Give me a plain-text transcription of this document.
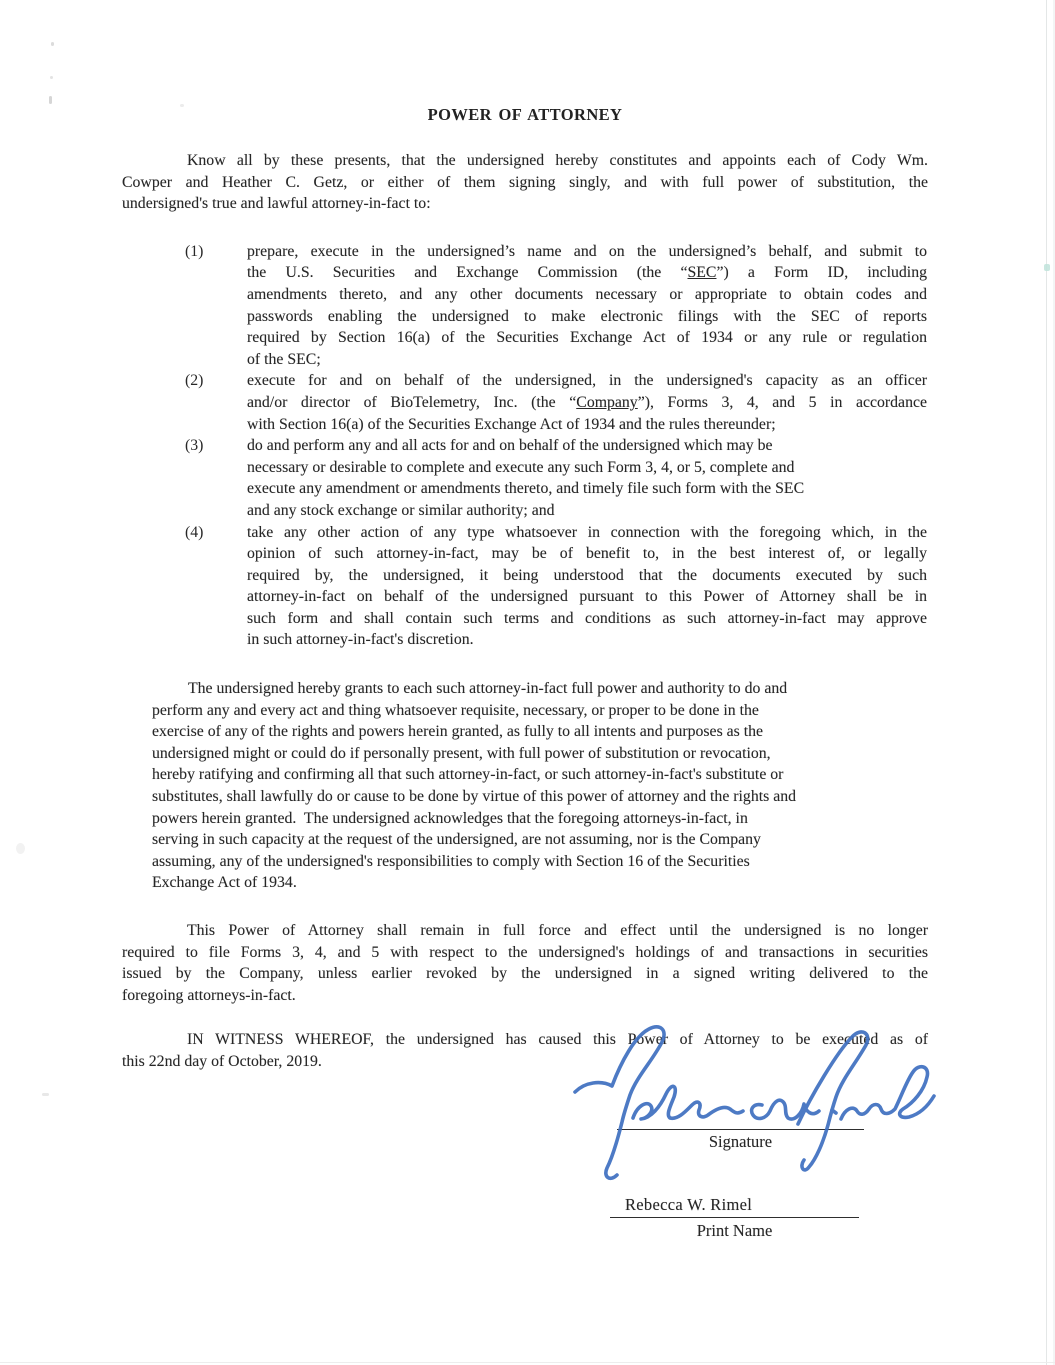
POWER OF ATTORNEY
Know all by these presents, that the undersigned hereby constitutes and appoints each of Cody Wm.
Cowper and Heather C. Getz, or either of them signing singly, and with full power of substitution, the
undersigned's true and lawful attorney-in-fact to:
(1)	prepare, execute in the undersigned’s name and on the undersigned’s behalf, and submit to
the U.S. Securities and Exchange Commission (the “SEC”) a Form ID, including
amendments thereto, and any other documents necessary or appropriate to obtain codes and
passwords enabling the undersigned to make electronic filings with the SEC of reports
required by Section 16(a) of the Securities Exchange Act of 1934 or any rule or regulation
of the SEC;
(2)	execute for and on behalf of the undersigned, in the undersigned's capacity as an officer
and/or director of BioTelemetry, Inc. (the “Company”), Forms 3, 4, and 5 in accordance
with Section 16(a) of the Securities Exchange Act of 1934 and the rules thereunder;
(3)	do and perform any and all acts for and on behalf of the undersigned which may be
necessary or desirable to complete and execute any such Form 3, 4, or 5, complete and
execute any amendment or amendments thereto, and timely file such form with the SEC
and any stock exchange or similar authority; and
(4)	take any other action of any type whatsoever in connection with the foregoing which, in the
opinion of such attorney-in-fact, may be of benefit to, in the best interest of, or legally
required by, the undersigned, it being understood that the documents executed by such
attorney-in-fact on behalf of the undersigned pursuant to this Power of Attorney shall be in
such form and shall contain such terms and conditions as such attorney-in-fact may approve
in such attorney-in-fact's discretion.
The undersigned hereby grants to each such attorney-in-fact full power and authority to do and
perform any and every act and thing whatsoever requisite, necessary, or proper to be done in the
exercise of any of the rights and powers herein granted, as fully to all intents and purposes as the
undersigned might or could do if personally present, with full power of substitution or revocation,
hereby ratifying and confirming all that such attorney-in-fact, or such attorney-in-fact's substitute or
substitutes, shall lawfully do or cause to be done by virtue of this power of attorney and the rights and
powers herein granted.  The undersigned acknowledges that the foregoing attorneys-in-fact, in
serving in such capacity at the request of the undersigned, are not assuming, nor is the Company
assuming, any of the undersigned's responsibilities to comply with Section 16 of the Securities
Exchange Act of 1934.
This Power of Attorney shall remain in full force and effect until the undersigned is no longer
required to file Forms 3, 4, and 5 with respect to the undersigned's holdings of and transactions in securities
issued by the Company, unless earlier revoked by the undersigned in a signed writing delivered to the
foregoing attorneys-in-fact.
IN WITNESS WHEREOF, the undersigned has caused this Power of Attorney to be executed as of
this 22nd day of October, 2019.
Signature
Rebecca W. Rimel
Print Name
